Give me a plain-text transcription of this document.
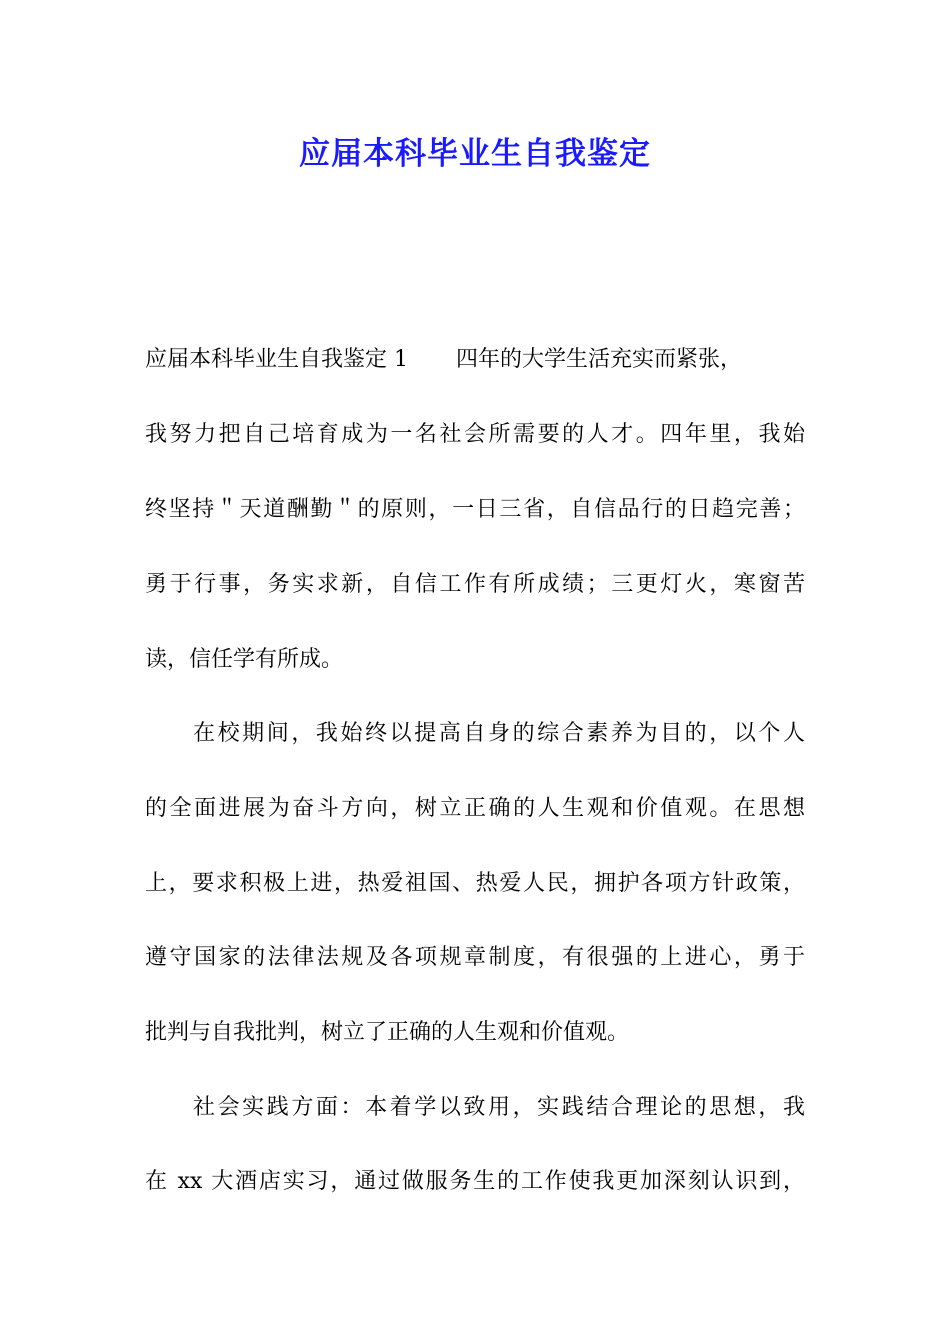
应届本科毕业生自我鉴定

应届本科毕业生自我鉴定 1 四年的大学生活充实而紧张，

我努力把自己培育成为一名社会所需要的人才。四年里，我始

终坚持＂天道酬勤＂的原则，一日三省，自信品行的日趋完善；

勇于行事，务实求新，自信工作有所成绩；三更灯火，寒窗苦

读，信任学有所成。

在校期间，我始终以提高自身的综合素养为目的，以个人

的全面进展为奋斗方向，树立正确的人生观和价值观。在思想

上，要求积极上进，热爱祖国、热爱人民，拥护各项方针政策，

遵守国家的法律法规及各项规章制度，有很强的上进心，勇于

批判与自我批判，树立了正确的人生观和价值观。

社会实践方面：本着学以致用，实践结合理论的思想，我

在 xx 大酒店实习，通过做服务生的工作使我更加深刻认识到，
